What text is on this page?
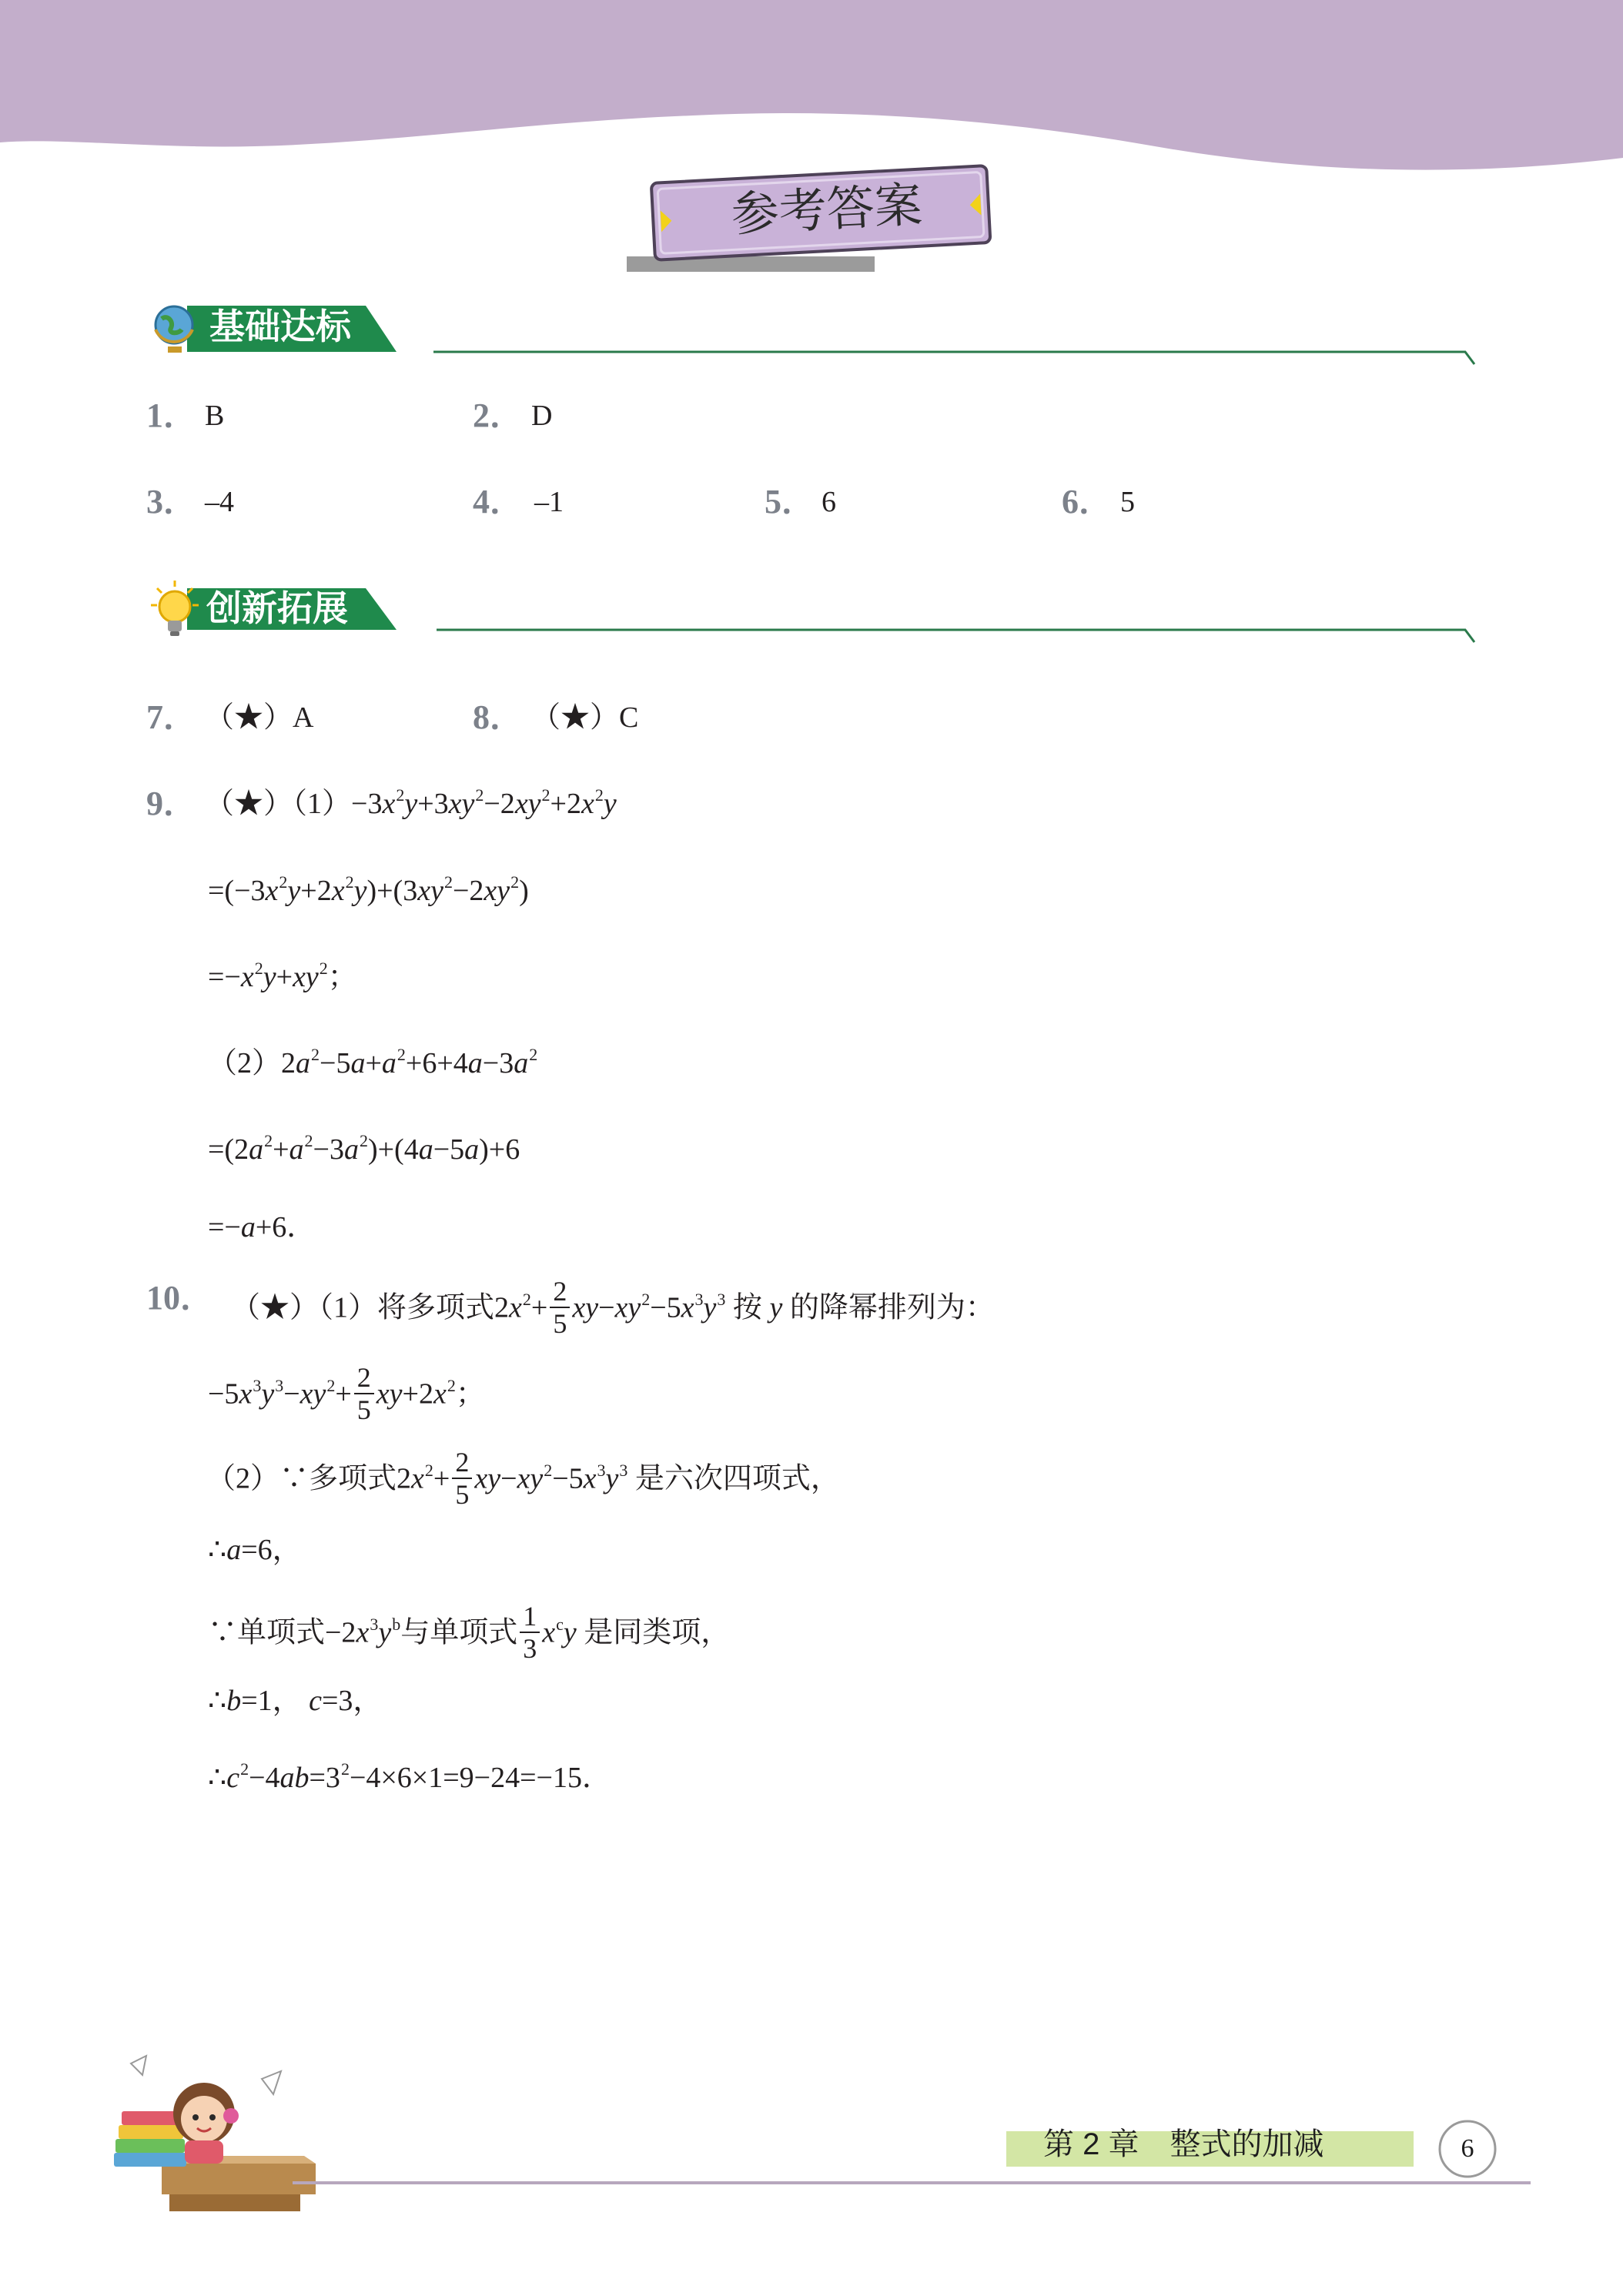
参考答案
基础达标
1． B	2． D
3． –4	4． –1	5． 6	6． 5
创新拓展
7． （★）A	8． （★）C
9． $(★)(1)-3x^2y+3xy^2-2xy^2+2x^2y$
$=(-3x^2y+2x^2y)+(3xy^2-2xy^2)$
$=-x^2y+xy^2$；
$(2)2a^2-5a+a^2+6+4a-3a^2$
$=(2a^2+a^2-3a^2)+(4a-5a)+6$
=−a+6．
10． （★）（1）将多项式$2x^2+ \frac{2}{5} xy-xy^2-5x^3y^3$ 按 y 的降幂排列为：
$-5x^3y^3-xy^2+ \frac{2}{5} xy+2x^2$；
（2）∵多项式$2x^2+ \frac{2}{5} xy-xy^2-5x^3y^3$ 是六次四项式，
∴a=6，
∵单项式$-2x^3y^b$与单项式 $\frac{1}{3} x^cy$ 是同类项，
∴b=1， c=3，
$\therefore c^2-4ab=3^2-4\times 6\times 1=9-24=-15$．
第 2 章　整式的加减	6
